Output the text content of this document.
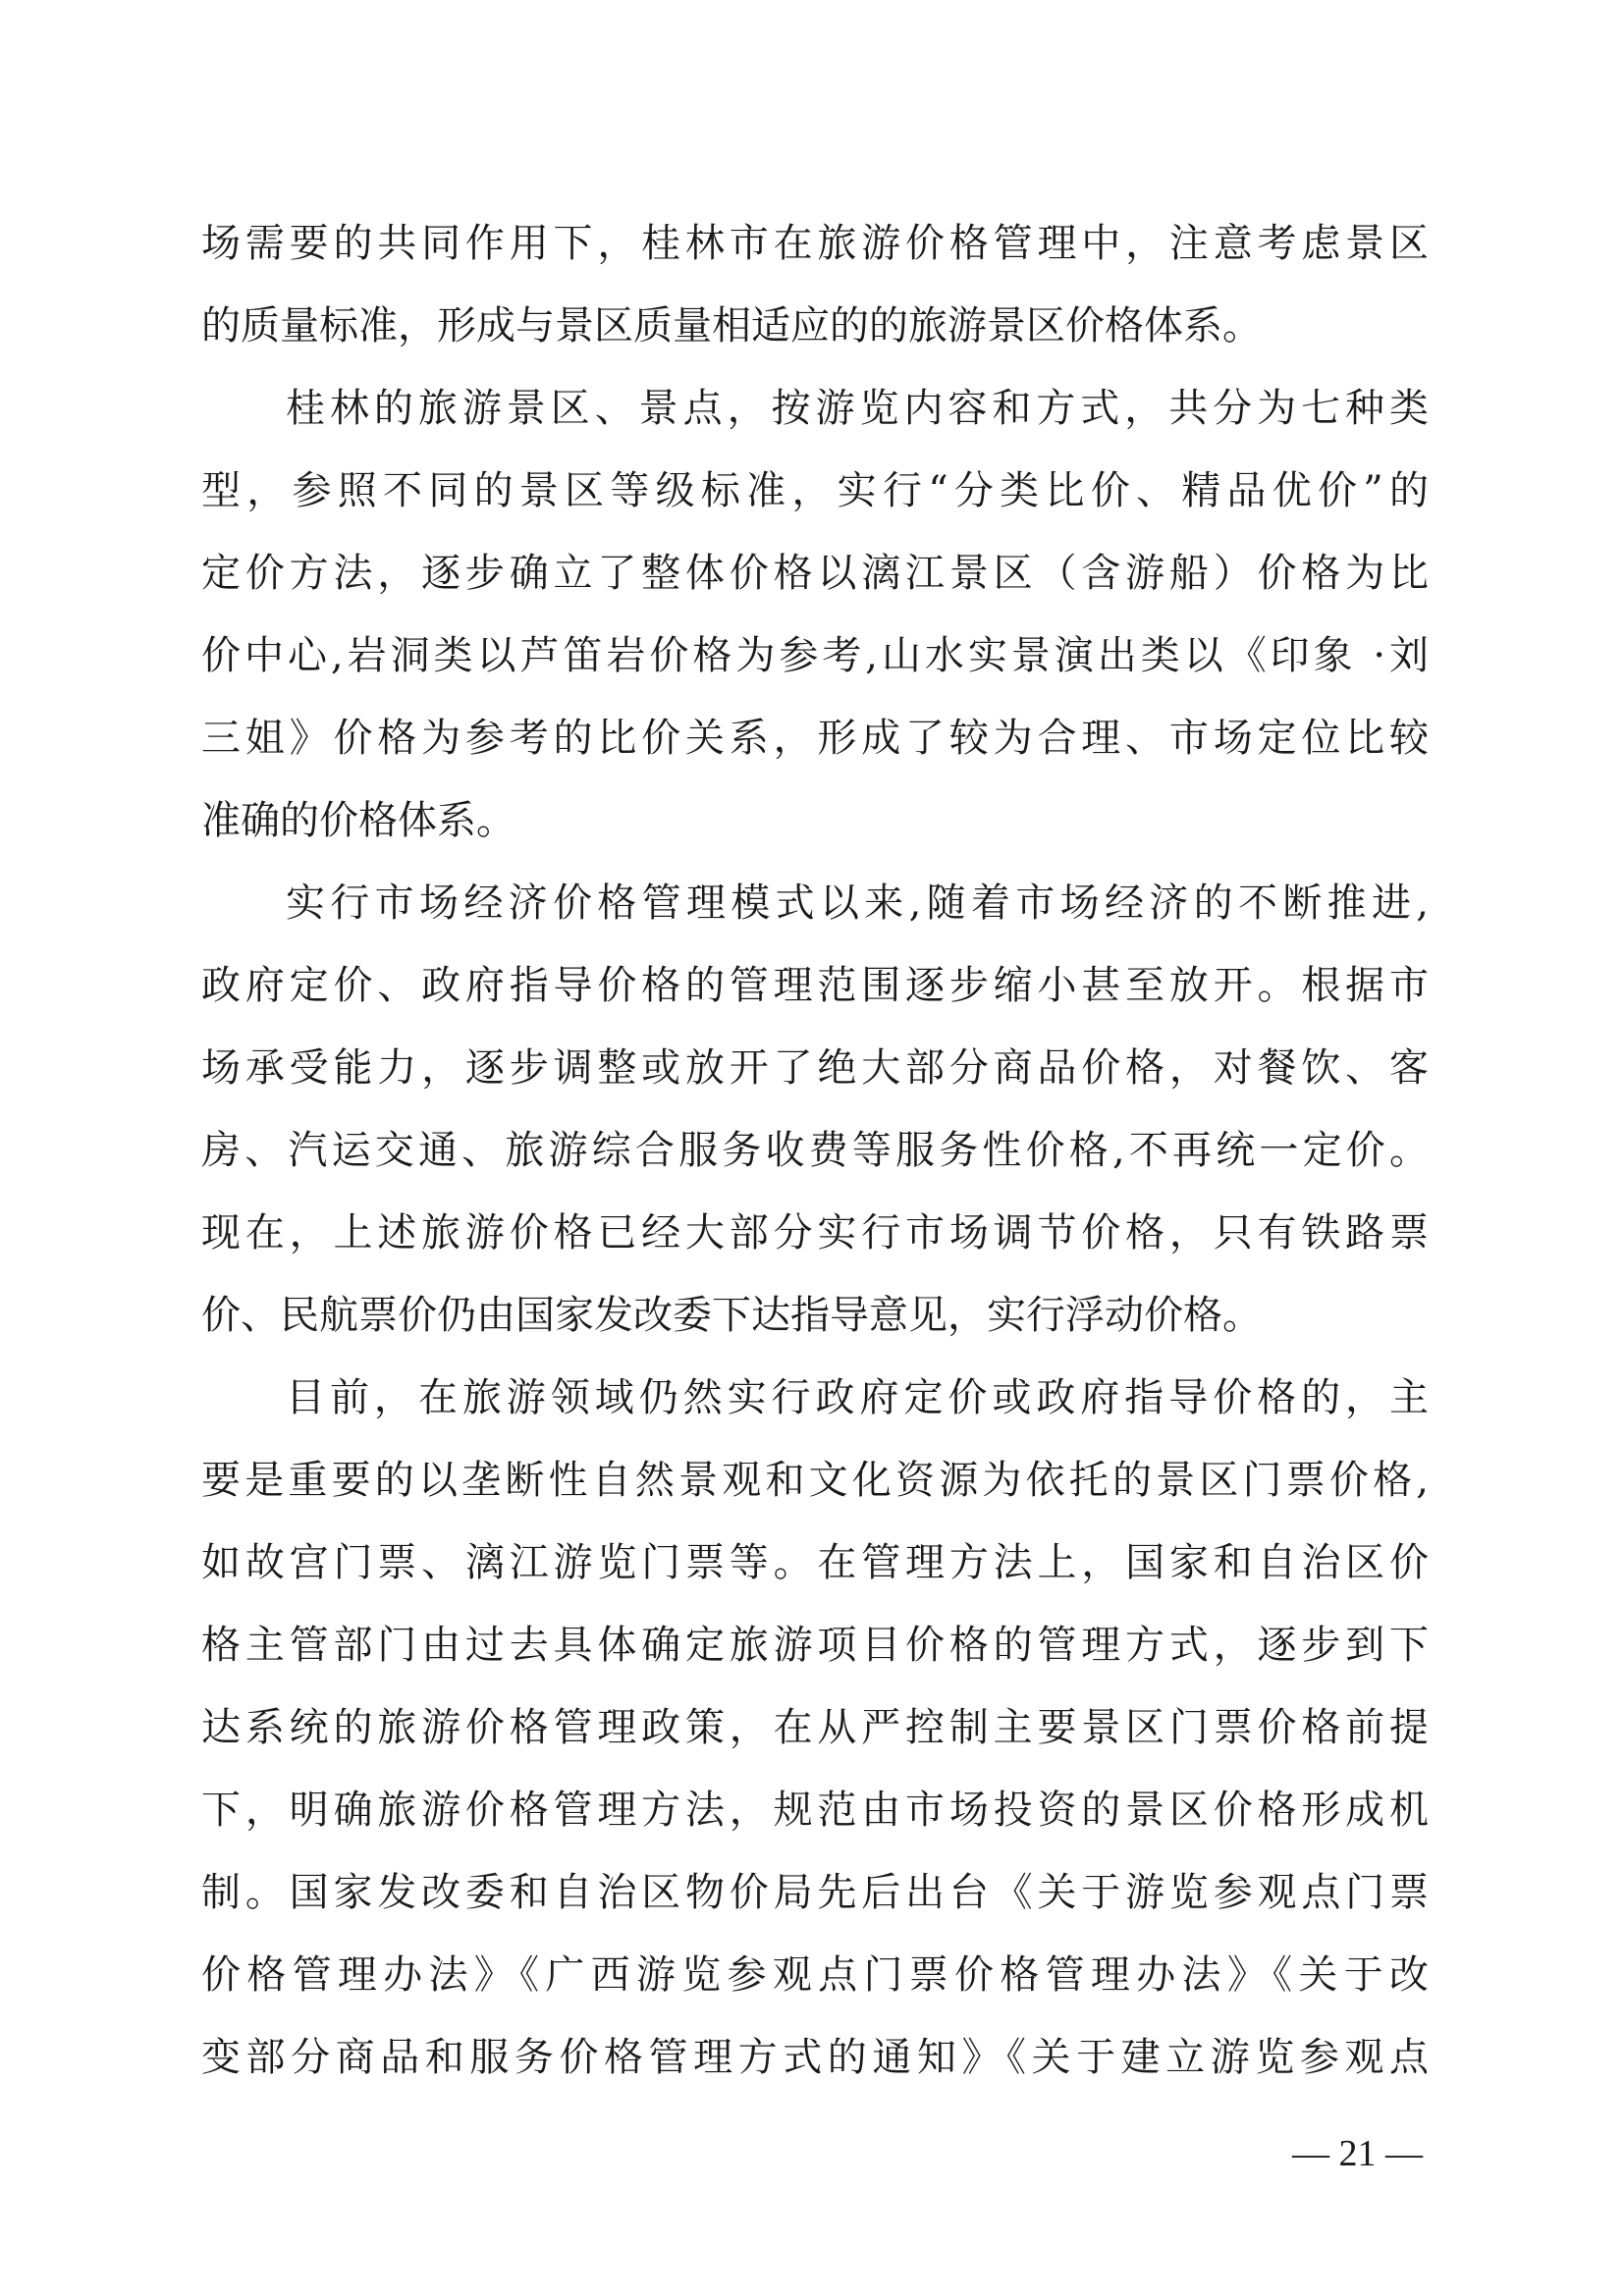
场需要的共同作用下，桂林市在旅游价格管理中，注意考虑景区
的质量标准，形成与景区质量相适应的的旅游景区价格体系。
桂林的旅游景区、景点，按游览内容和方式，共分为七种类
型，参照不同的景区等级标准，实行“分类比价、精品优价”的
定价方法，逐步确立了整体价格以漓江景区（含游船）价格为比
价中心,岩洞类以芦笛岩价格为参考,山水实景演出类以《印象 ·刘
三姐》价格为参考的比价关系，形成了较为合理、市场定位比较
准确的价格体系。
实行市场经济价格管理模式以来,随着市场经济的不断推进,
政府定价、政府指导价格的管理范围逐步缩小甚至放开。根据市
场承受能力，逐步调整或放开了绝大部分商品价格，对餐饮、客
房、汽运交通、旅游综合服务收费等服务性价格,不再统一定价。
现在，上述旅游价格已经大部分实行市场调节价格，只有铁路票
价、民航票价仍由国家发改委下达指导意见，实行浮动价格。
目前，在旅游领域仍然实行政府定价或政府指导价格的，主
要是重要的以垄断性自然景观和文化资源为依托的景区门票价格,
如故宫门票、漓江游览门票等。在管理方法上，国家和自治区价
格主管部门由过去具体确定旅游项目价格的管理方式，逐步到下
达系统的旅游价格管理政策，在从严控制主要景区门票价格前提
下，明确旅游价格管理方法，规范由市场投资的景区价格形成机
制。国家发改委和自治区物价局先后出台《关于游览参观点门票
价格管理办法》《广西游览参观点门票价格管理办法》《关于改
变部分商品和服务价格管理方式的通知》《关于建立游览参观点
— 21 —
